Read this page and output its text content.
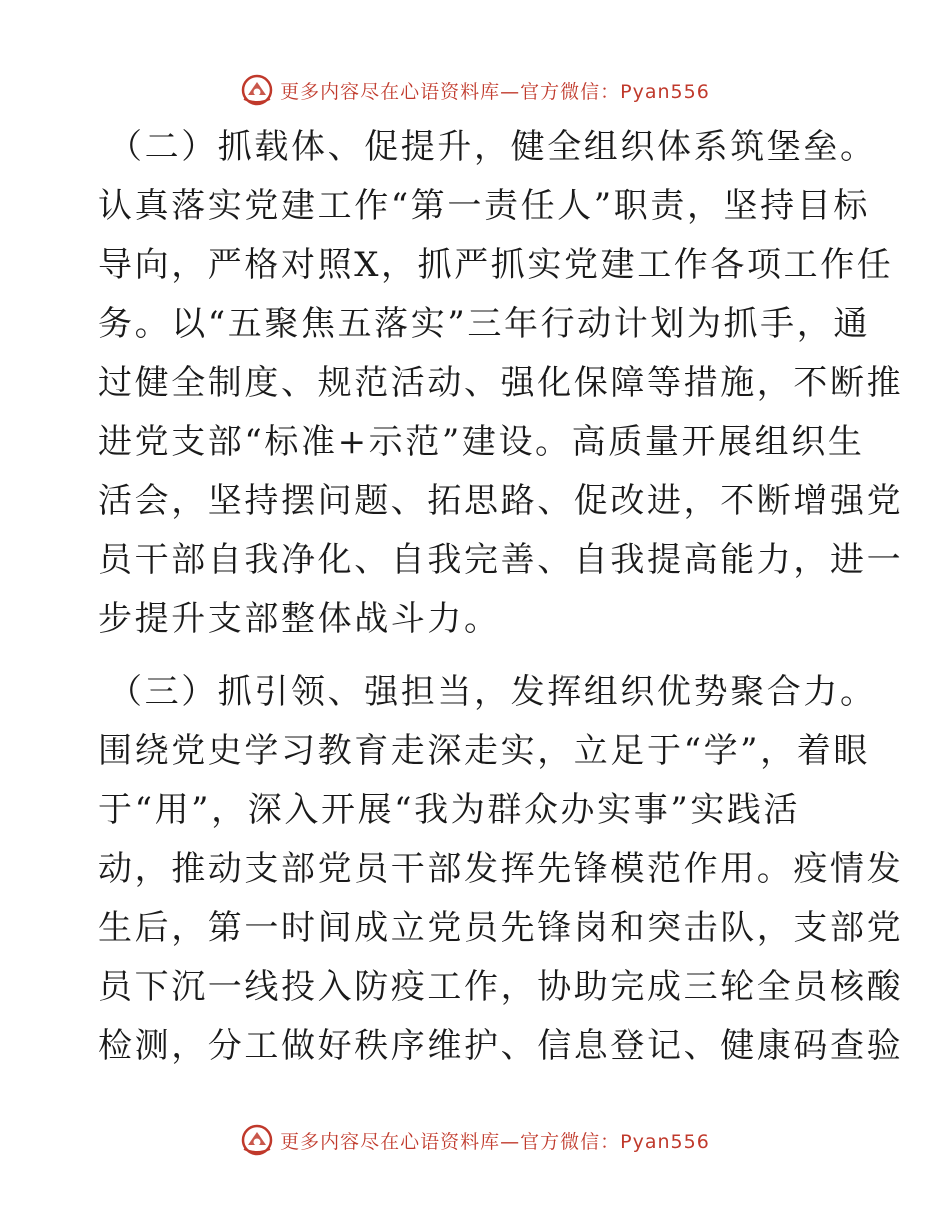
更多内容尽在心语资料库—官方微信：Pyan556
（二）抓载体、促提升，健全组织体系筑堡垒。
认真落实党建工作“第一责任人”职责，坚持目标
导向，严格对照X，抓严抓实党建工作各项工作任
务。以“五聚焦五落实”三年行动计划为抓手，通
过健全制度、规范活动、强化保障等措施，不断推
进党支部“标准+示范”建设。高质量开展组织生
活会，坚持摆问题、拓思路、促改进，不断增强党
员干部自我净化、自我完善、自我提高能力，进一
步提升支部整体战斗力。
（三）抓引领、强担当，发挥组织优势聚合力。
围绕党史学习教育走深走实，立足于“学”，着眼
于“用”，深入开展“我为群众办实事”实践活
动，推动支部党员干部发挥先锋模范作用。疫情发
生后，第一时间成立党员先锋岗和突击队，支部党
员下沉一线投入防疫工作，协助完成三轮全员核酸
检测，分工做好秩序维护、信息登记、健康码查验
更多内容尽在心语资料库—官方微信：Pyan556
